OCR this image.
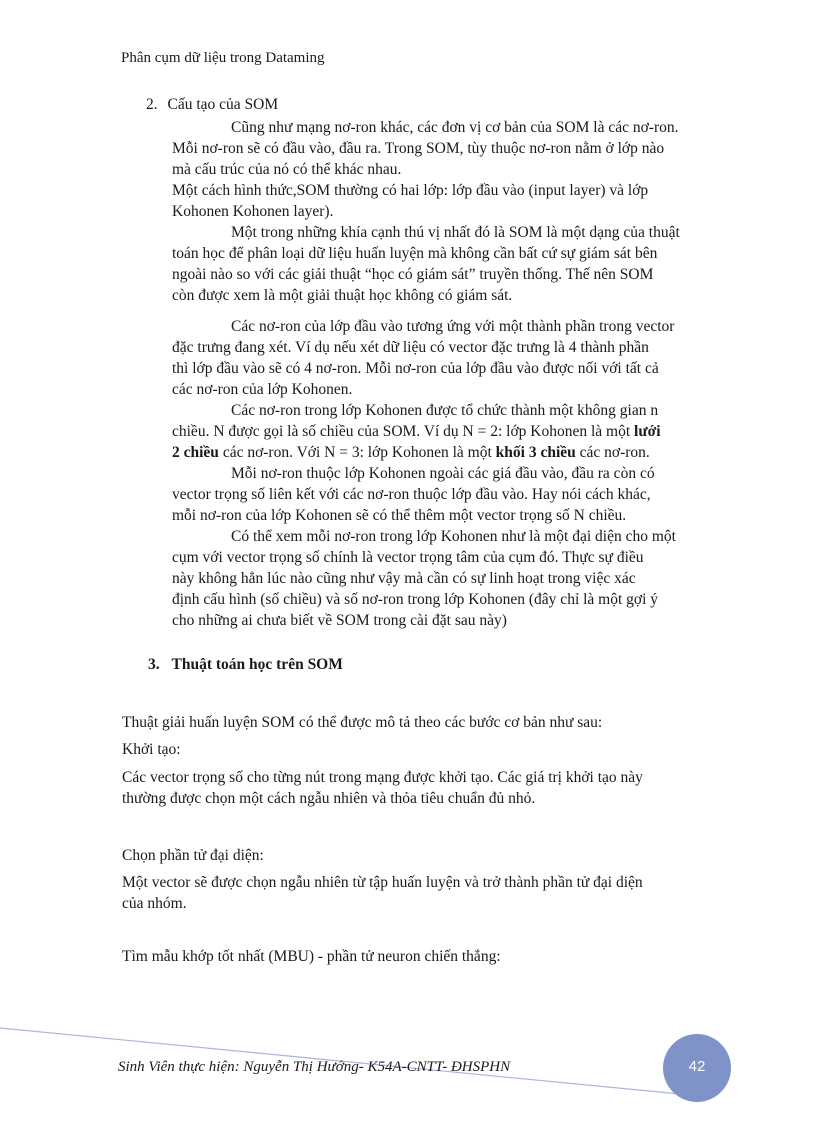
Phân cụm dữ liệu trong Dataming
2. Cấu tạo của SOM
Cũng như mạng nơ-ron khác, các đơn vị cơ bản của SOM là các nơ-ron.
Mỗi nơ-ron sẽ có đầu vào, đầu ra. Trong SOM, tùy thuộc nơ-ron nằm ở lớp nào
mà cấu trúc của nó có thể khác nhau.
Một cách hình thức,SOM thường có hai lớp: lớp đầu vào (input layer) và lớp
Kohonen Kohonen layer).
Một trong những khía cạnh thú vị nhất đó là SOM là một dạng của thuật
toán học để phân loại dữ liệu huấn luyện mà không cần bất cứ sự giám sát bên
ngoài nào so với các giải thuật “học có giám sát” truyền thống. Thế nên SOM
còn được xem là một giải thuật học không có giám sát.
Các nơ-ron của lớp đầu vào tương ứng với một thành phần trong vector
đặc trưng đang xét. Ví dụ nếu xét dữ liệu có vector đặc trưng là 4 thành phần
thì lớp đầu vào sẽ có 4 nơ-ron. Mỗi nơ-ron của lớp đầu vào được nối với tất cả
các nơ-ron của lớp Kohonen.
Các nơ-ron trong lớp Kohonen được tổ chức thành một không gian n
chiều. N được gọi là số chiều của SOM. Ví dụ N = 2: lớp Kohonen là một lưới
2 chiều các nơ-ron. Với N = 3: lớp Kohonen là một khối 3 chiều các nơ-ron.
Mỗi nơ-ron thuộc lớp Kohonen ngoài các giá đầu vào, đầu ra còn có
vector trọng số liên kết với các nơ-ron thuộc lớp đầu vào. Hay nói cách khác,
mỗi nơ-ron của lớp Kohonen sẽ có thể thêm một vector trọng số N chiều.
Có thể xem mỗi nơ-ron trong lớp Kohonen như là một đại diện cho một
cụm với vector trọng số chính là vector trọng tâm của cụm đó. Thực sự điều
này không hẳn lúc nào cũng như vậy mà cần có sự linh hoạt trong việc xác
định cấu hình (số chiều) và số nơ-ron trong lớp Kohonen (đây chỉ là một gợi ý
cho những ai chưa biết về SOM trong cài đặt sau này)
3. Thuật toán học trên SOM
Thuật giải huấn luyện SOM có thể được mô tả theo các bước cơ bản như sau:
Khởi tạo:
Các vector trọng số cho từng nút trong mạng được khởi tạo. Các giá trị khởi tạo này
thường được chọn một cách ngẫu nhiên và thỏa tiêu chuẩn đủ nhỏ.
Chọn phần tử đại diện:
Một vector sẽ được chọn ngẫu nhiên từ tập huấn luyện và trở thành phần tử đại diện
của nhóm.
Tìm mẫu khớp tốt nhất (MBU) - phần tử neuron chiến thắng:
Sinh Viên thực hiện: Nguyễn Thị Hướng- K54A-CNTT- ĐHSPHN	42
